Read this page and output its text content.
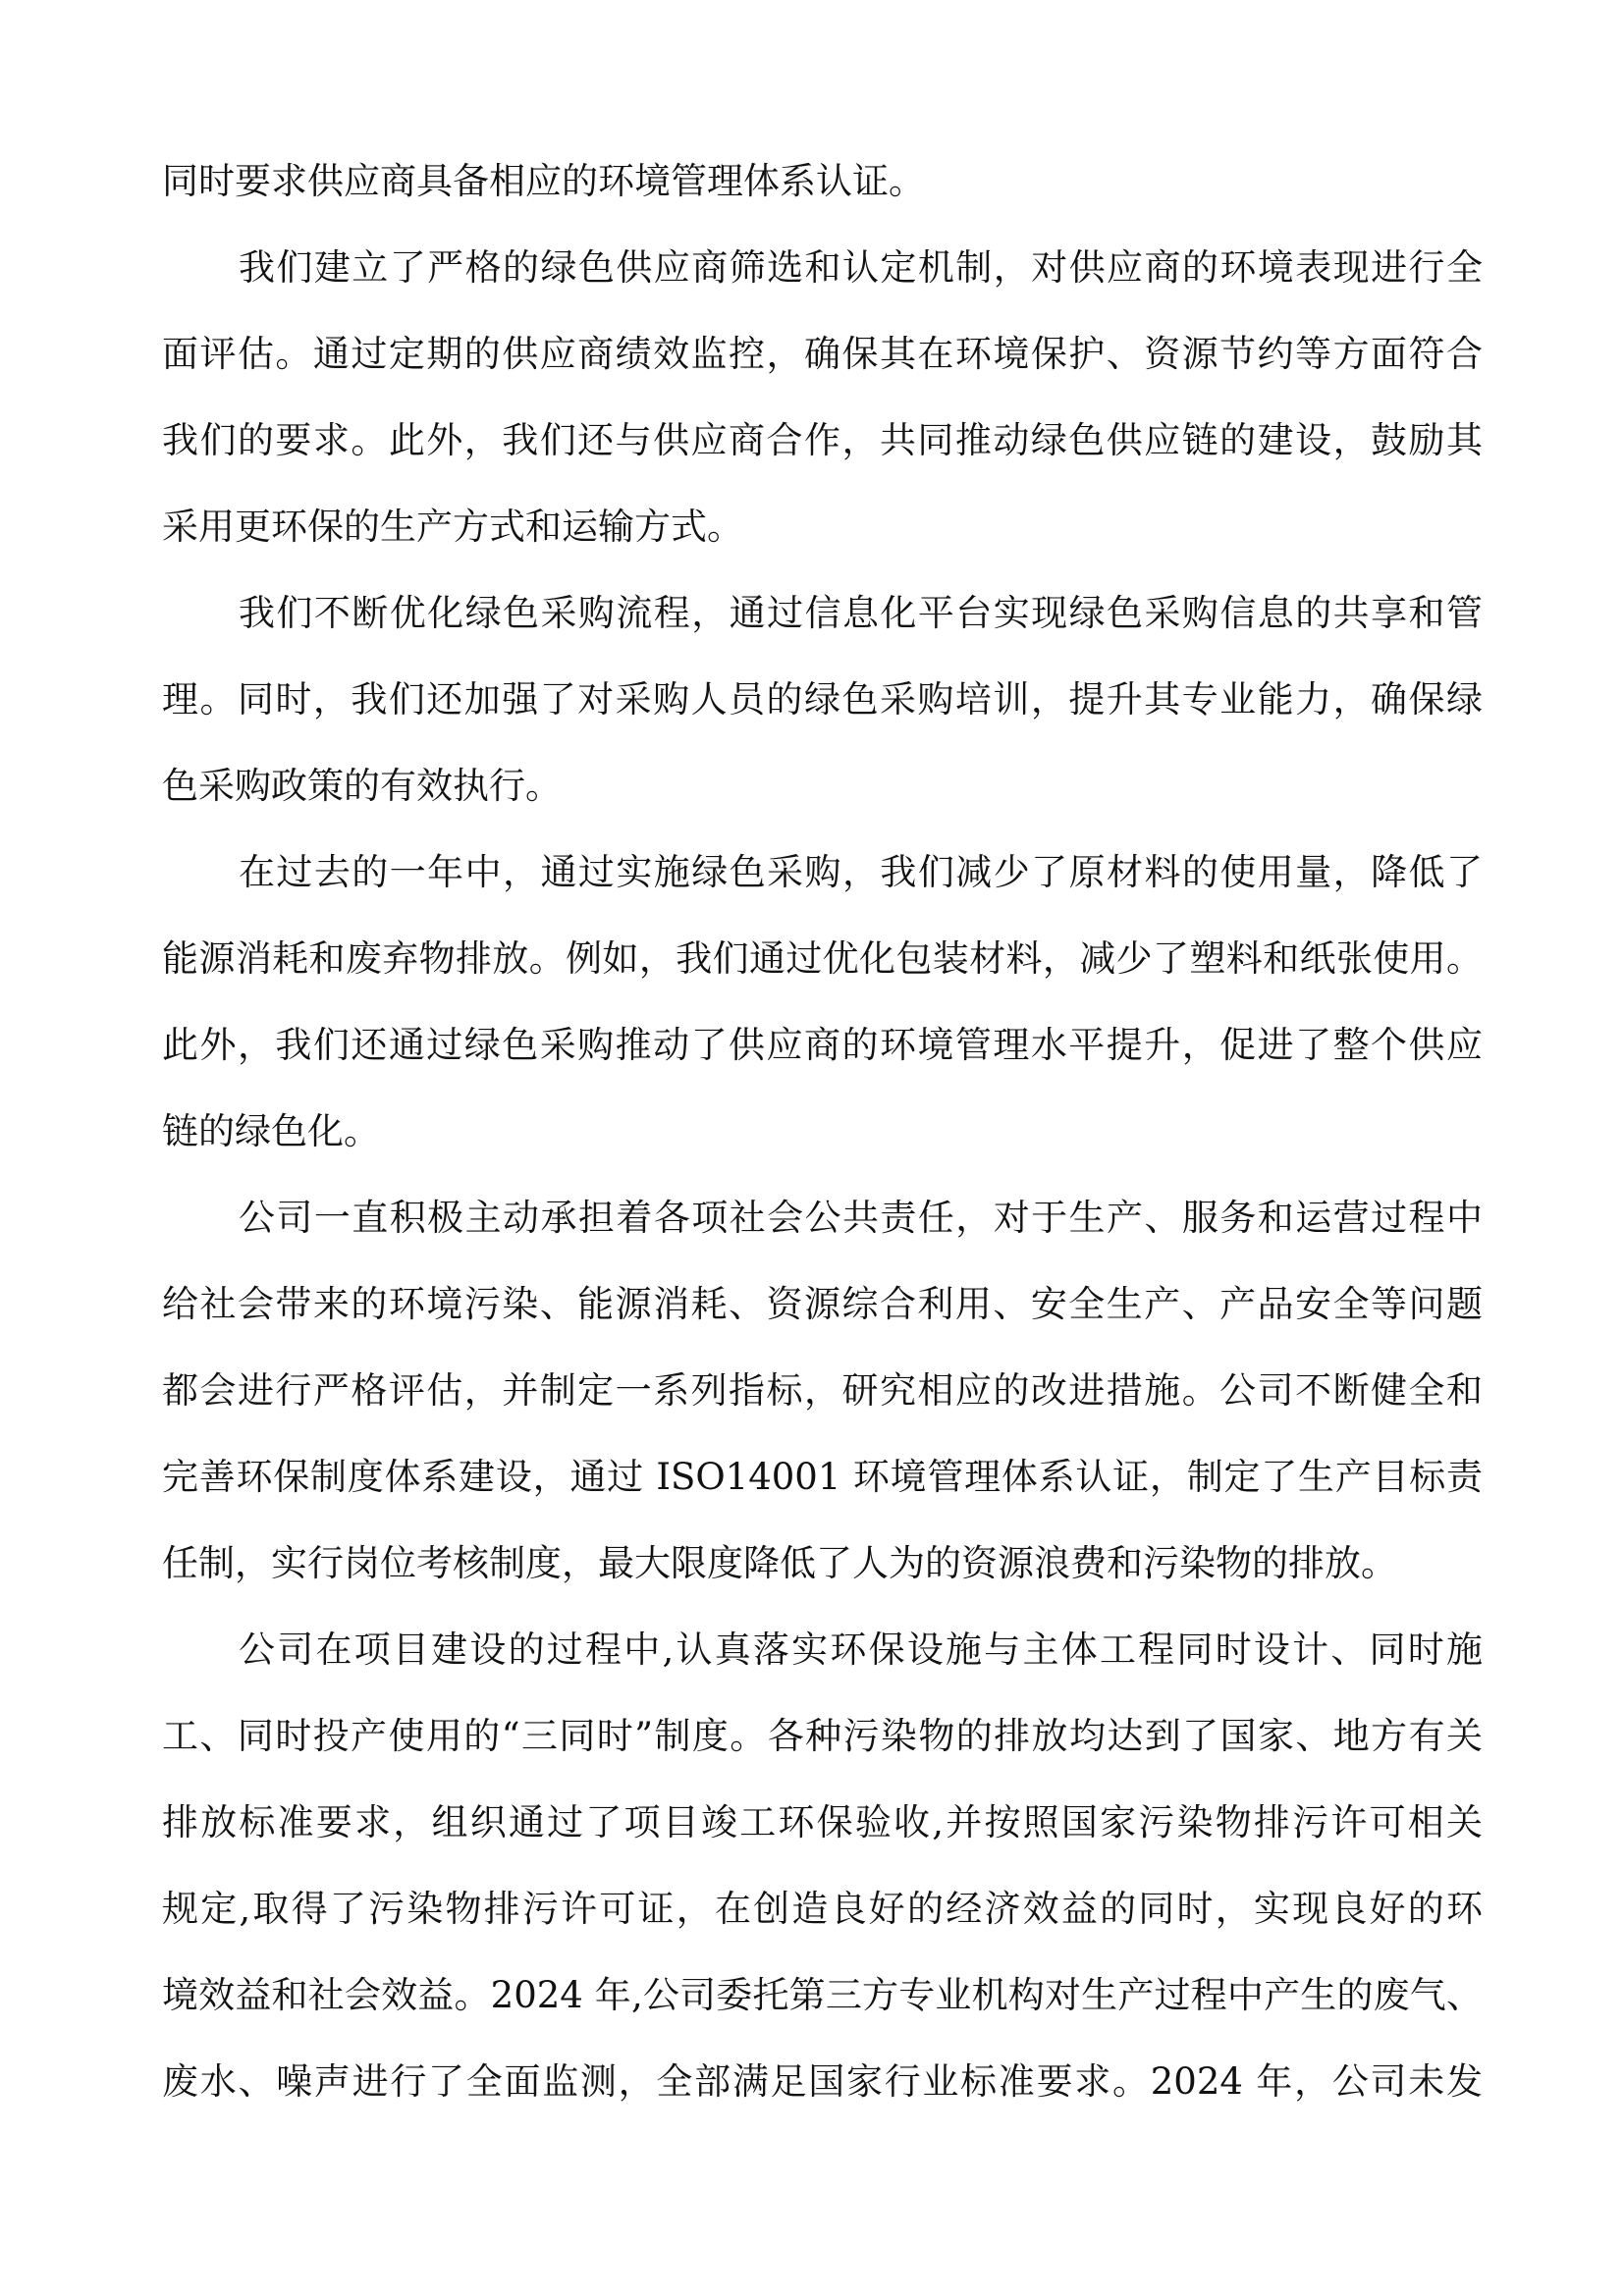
同时要求供应商具备相应的环境管理体系认证。
我们建立了严格的绿色供应商筛选和认定机制，对供应商的环境表现进行全
面评估。通过定期的供应商绩效监控，确保其在环境保护、资源节约等方面符合
我们的要求。此外，我们还与供应商合作，共同推动绿色供应链的建设，鼓励其
采用更环保的生产方式和运输方式。
我们不断优化绿色采购流程，通过信息化平台实现绿色采购信息的共享和管
理。同时，我们还加强了对采购人员的绿色采购培训，提升其专业能力，确保绿
色采购政策的有效执行。
在过去的一年中，通过实施绿色采购，我们减少了原材料的使用量，降低了
能源消耗和废弃物排放。例如，我们通过优化包装材料，减少了塑料和纸张使用。
此外，我们还通过绿色采购推动了供应商的环境管理水平提升，促进了整个供应
链的绿色化。
公司一直积极主动承担着各项社会公共责任，对于生产、服务和运营过程中
给社会带来的环境污染、能源消耗、资源综合利用、安全生产、产品安全等问题
都会进行严格评估，并制定一系列指标，研究相应的改进措施。公司不断健全和
完善环保制度体系建设，通过 ISO14001 环境管理体系认证，制定了生产目标责
任制，实行岗位考核制度，最大限度降低了人为的资源浪费和污染物的排放。
公司在项目建设的过程中,认真落实环保设施与主体工程同时设计、同时施
工、同时投产使用的“三同时”制度。各种污染物的排放均达到了国家、地方有关
排放标准要求，组织通过了项目竣工环保验收,并按照国家污染物排污许可相关
规定,取得了污染物排污许可证，在创造良好的经济效益的同时，实现良好的环
境效益和社会效益。2024 年,公司委托第三方专业机构对生产过程中产生的废气、
废水、噪声进行了全面监测，全部满足国家行业标准要求。2024 年，公司未发
